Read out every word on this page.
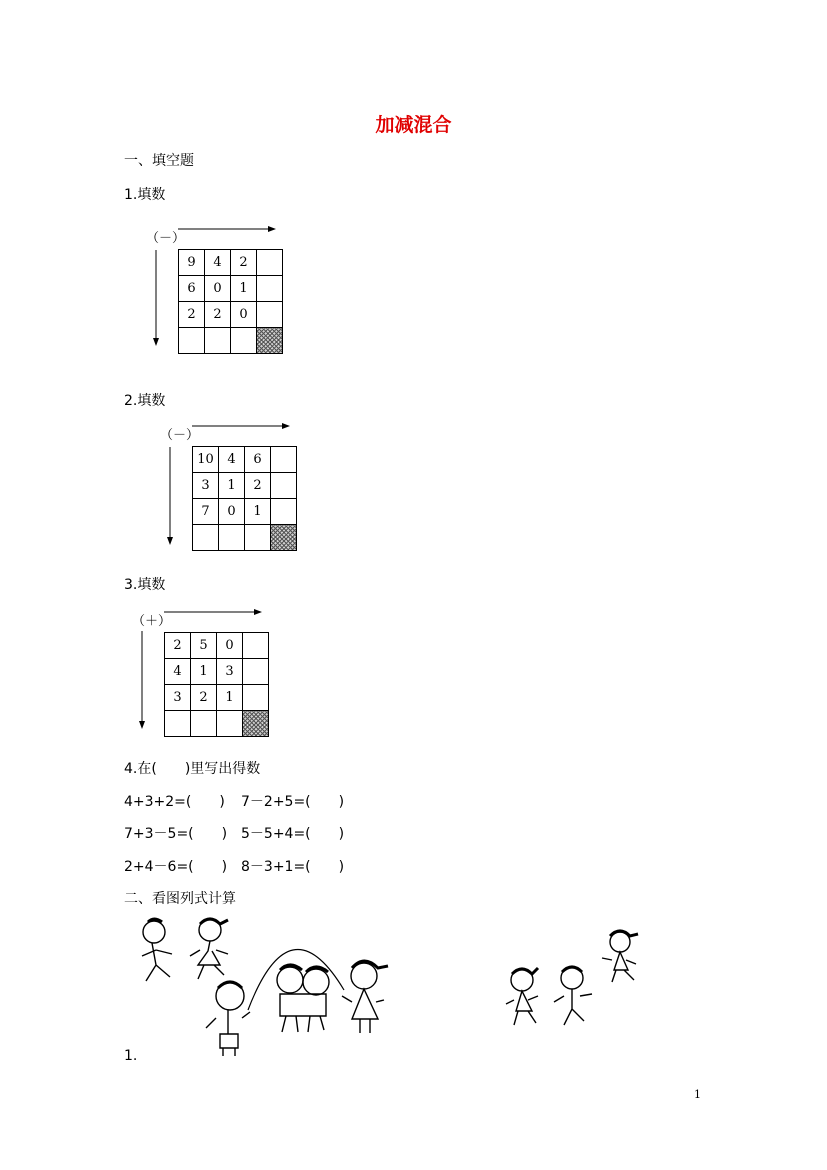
加减混合
一、填空题
1.填数
（－）
9	4	2	
6	0	1	
2	2	0	

2.填数
（－）
10	4	6	
3	1	2	
7	0	1	

3.填数
（＋）
2	5	0	
4	1	3	
3	2	1	

4.在(　　)里写出得数
4+3+2=(　　) 7－2+5=(　　)
7+3－5=(　　) 5－5+4=(　　)
2+4－6=(　　) 8－3+1=(　　)
二、看图列式计算
1.
1
